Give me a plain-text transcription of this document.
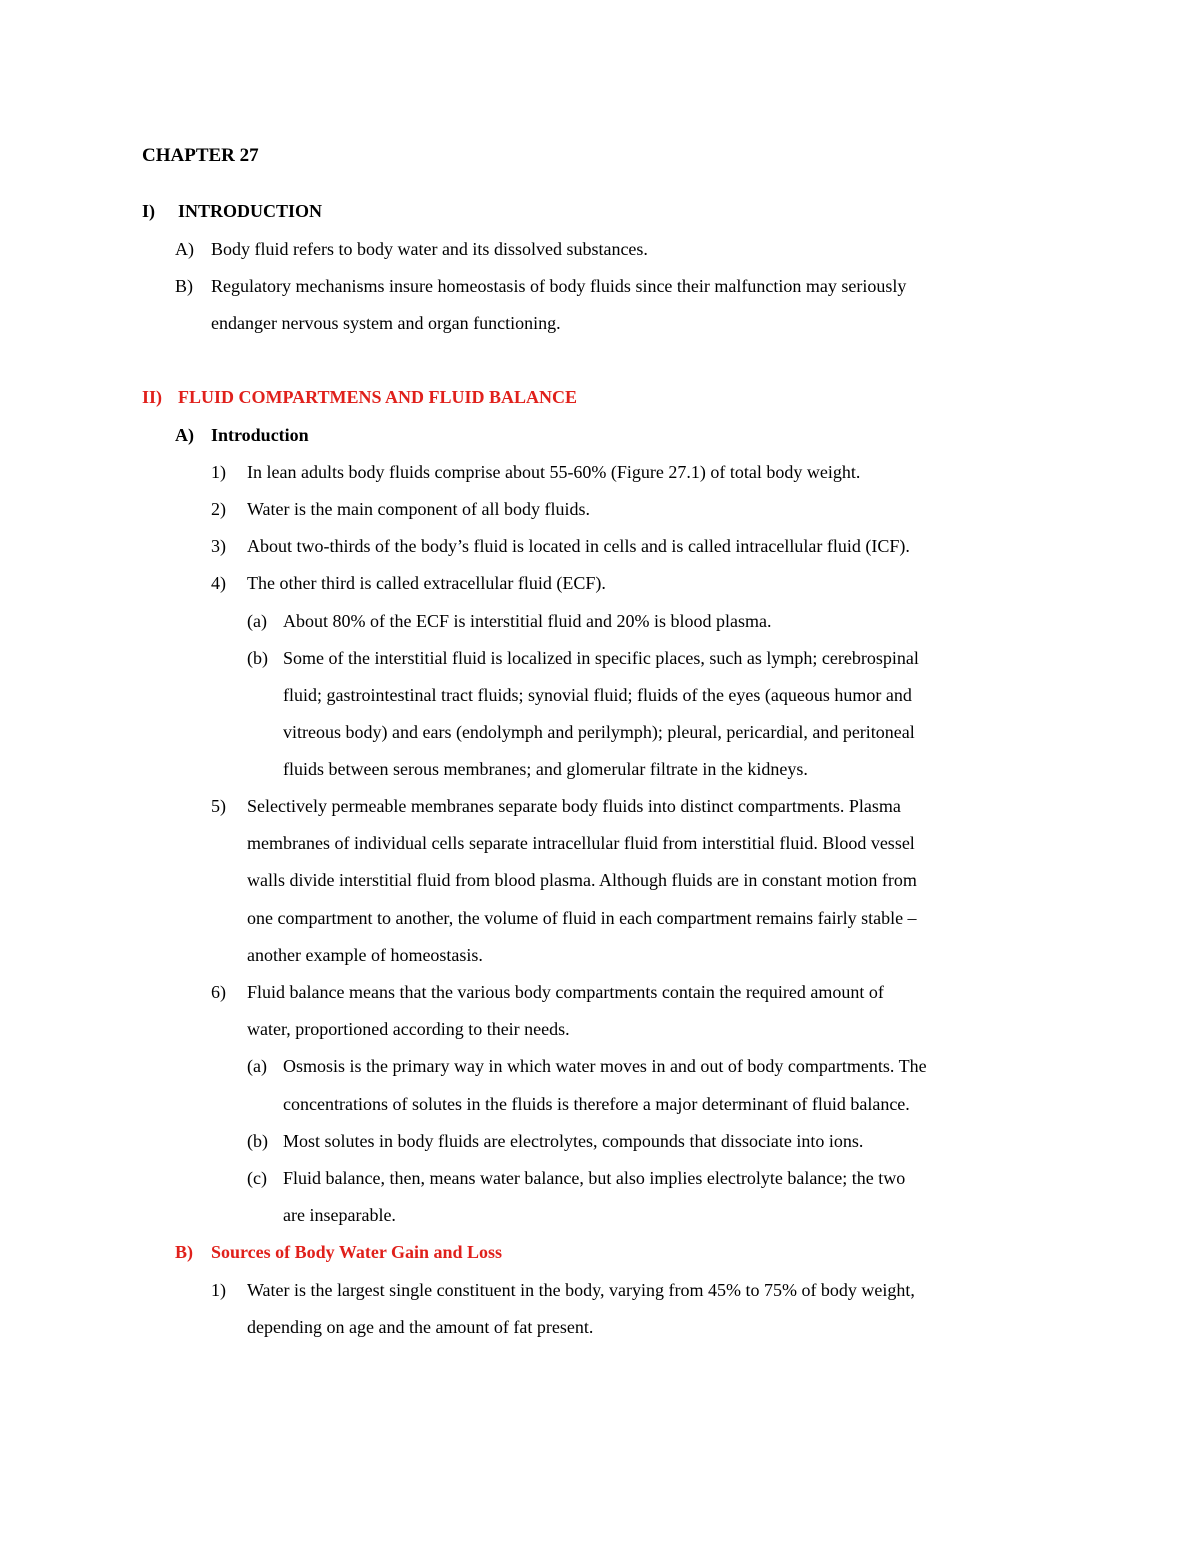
CHAPTER 27
I) INTRODUCTION
A) Body fluid refers to body water and its dissolved substances.
B) Regulatory mechanisms insure homeostasis of body fluids since their malfunction may seriously
endanger nervous system and organ functioning.
II) FLUID COMPARTMENS AND FLUID BALANCE
A) Introduction
1) In lean adults body fluids comprise about 55-60% (Figure 27.1) of total body weight.
2) Water is the main component of all body fluids.
3) About two-thirds of the body’s fluid is located in cells and is called intracellular fluid (ICF).
4) The other third is called extracellular fluid (ECF).
(a) About 80% of the ECF is interstitial fluid and 20% is blood plasma.
(b) Some of the interstitial fluid is localized in specific places, such as lymph; cerebrospinal
fluid; gastrointestinal tract fluids; synovial fluid; fluids of the eyes (aqueous humor and
vitreous body) and ears (endolymph and perilymph); pleural, pericardial, and peritoneal
fluids between serous membranes; and glomerular filtrate in the kidneys.
5) Selectively permeable membranes separate body fluids into distinct compartments. Plasma
membranes of individual cells separate intracellular fluid from interstitial fluid. Blood vessel
walls divide interstitial fluid from blood plasma. Although fluids are in constant motion from
one compartment to another, the volume of fluid in each compartment remains fairly stable –
another example of homeostasis.
6) Fluid balance means that the various body compartments contain the required amount of
water, proportioned according to their needs.
(a) Osmosis is the primary way in which water moves in and out of body compartments. The
concentrations of solutes in the fluids is therefore a major determinant of fluid balance.
(b) Most solutes in body fluids are electrolytes, compounds that dissociate into ions.
(c) Fluid balance, then, means water balance, but also implies electrolyte balance; the two
are inseparable.
B) Sources of Body Water Gain and Loss
1) Water is the largest single constituent in the body, varying from 45% to 75% of body weight,
depending on age and the amount of fat present.
